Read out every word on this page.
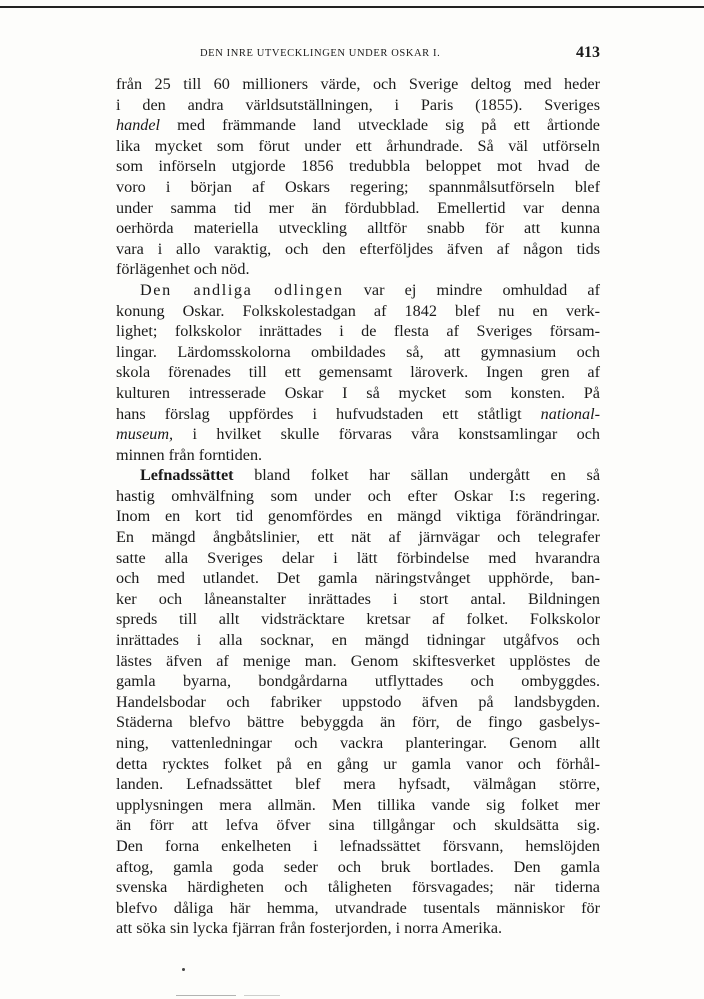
DEN INRE UTVECKLINGEN UNDER OSKAR I.	413
från 25 till 60 millioners värde, och Sverige deltog med heder
i den andra världsutställningen, i Paris (1855). Sveriges
handel med främmande land utvecklade sig på ett årtionde
lika mycket som förut under ett århundrade. Så väl utförseln
som införseln utgjorde 1856 tredubbla beloppet mot hvad de
voro i början af Oskars regering; spannmålsutförseln blef
under samma tid mer än fördubblad. Emellertid var denna
oerhörda materiella utveckling alltför snabb för att kunna
vara i allo varaktig, och den efterföljdes äfven af någon tids
förlägenhet och nöd.
Den andliga odlingen var ej mindre omhuldad af
konung Oskar. Folkskolestadgan af 1842 blef nu en verk-
lighet; folkskolor inrättades i de flesta af Sveriges försam-
lingar. Lärdomsskolorna ombildades så, att gymnasium och
skola förenades till ett gemensamt läroverk. Ingen gren af
kulturen intresserade Oskar I så mycket som konsten. På
hans förslag uppfördes i hufvudstaden ett ståtligt national-
museum, i hvilket skulle förvaras våra konstsamlingar och
minnen från forntiden.
Lefnadssättet bland folket har sällan undergått en så
hastig omhvälfning som under och efter Oskar I:s regering.
Inom en kort tid genomfördes en mängd viktiga förändringar.
En mängd ångbåtslinier, ett nät af järnvägar och telegrafer
satte alla Sveriges delar i lätt förbindelse med hvarandra
och med utlandet. Det gamla näringstvånget upphörde, ban-
ker och låneanstalter inrättades i stort antal. Bildningen
spreds till allt vidsträcktare kretsar af folket. Folkskolor
inrättades i alla socknar, en mängd tidningar utgåfvos och
lästes äfven af menige man. Genom skiftesverket upplöstes de
gamla byarna, bondgårdarna utflyttades och ombyggdes.
Handelsbodar och fabriker uppstodo äfven på landsbygden.
Städerna blefvo bättre bebyggda än förr, de fingo gasbelys-
ning, vattenledningar och vackra planteringar. Genom allt
detta rycktes folket på en gång ur gamla vanor och förhål-
landen. Lefnadssättet blef mera hyfsadt, välmågan större,
upplysningen mera allmän. Men tillika vande sig folket mer
än förr att lefva öfver sina tillgångar och skuldsätta sig.
Den forna enkelheten i lefnadssättet försvann, hemslöjden
aftog, gamla goda seder och bruk bortlades. Den gamla
svenska härdigheten och tåligheten försvagades; när tiderna
blefvo dåliga här hemma, utvandrade tusentals människor för
att söka sin lycka fjärran från fosterjorden, i norra Amerika.
